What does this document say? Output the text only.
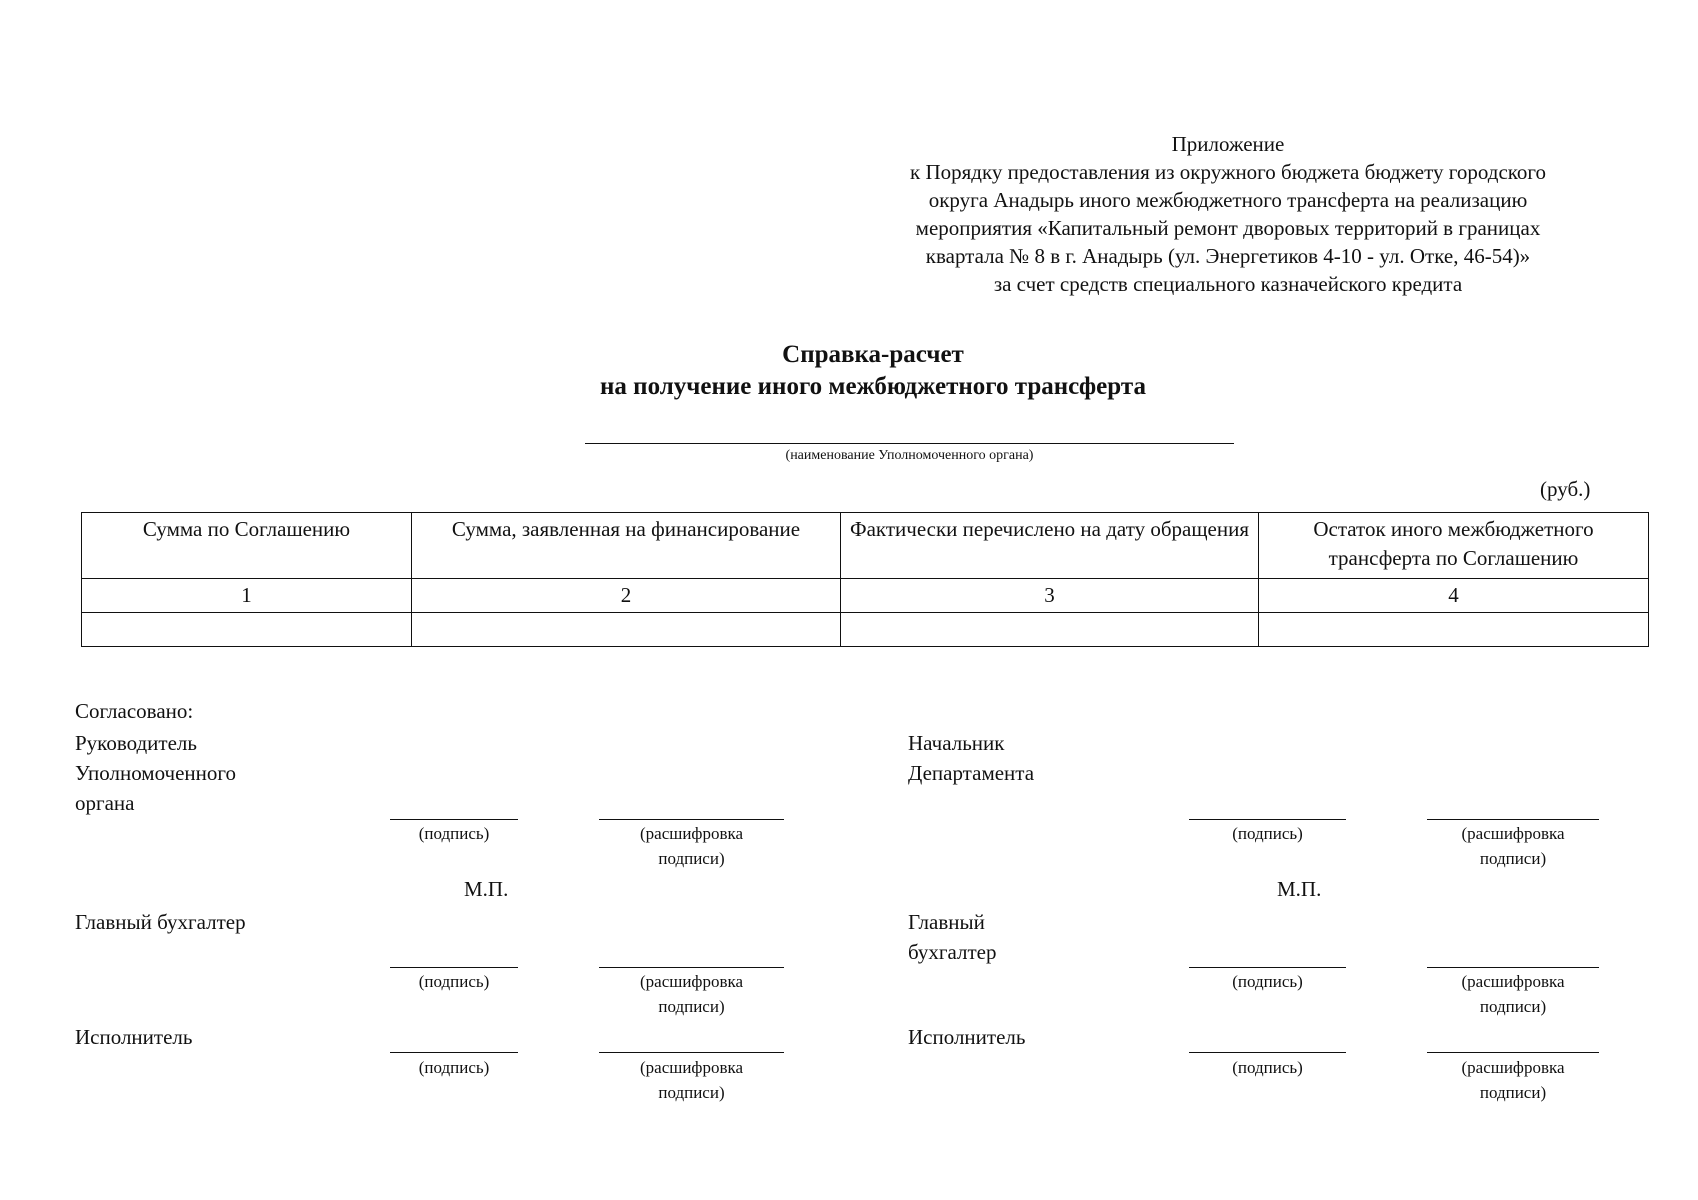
Приложение
к Порядку предоставления из окружного бюджета бюджету городского
округа Анадырь иного межбюджетного трансферта на реализацию
мероприятия «Капитальный ремонт дворовых территорий в границах
квартала № 8 в г. Анадырь (ул. Энергетиков 4-10 - ул. Отке, 46-54)»
за счет средств специального казначейского кредита
Справка-расчет
на получение иного межбюджетного трансферта
(наименование Уполномоченного органа)
(руб.)
Сумма по Соглашению	Сумма, заявленная на финансирование	Фактически перечислено на дату обращения	Остаток иного межбюджетного трансферта по Соглашению
1	2	3	4

Согласовано:
Руководитель
Уполномоченного
органа
(подпись)	(расшифровка
подписи)
М.П.
Главный бухгалтер
(подпись)	(расшифровка
подписи)
Исполнитель
(подпись)	(расшифровка
подписи)
Начальник
Департамента
(подпись)	(расшифровка
подписи)
М.П.
Главный
бухгалтер
(подпись)	(расшифровка
подписи)
Исполнитель
(подпись)	(расшифровка
подписи)
